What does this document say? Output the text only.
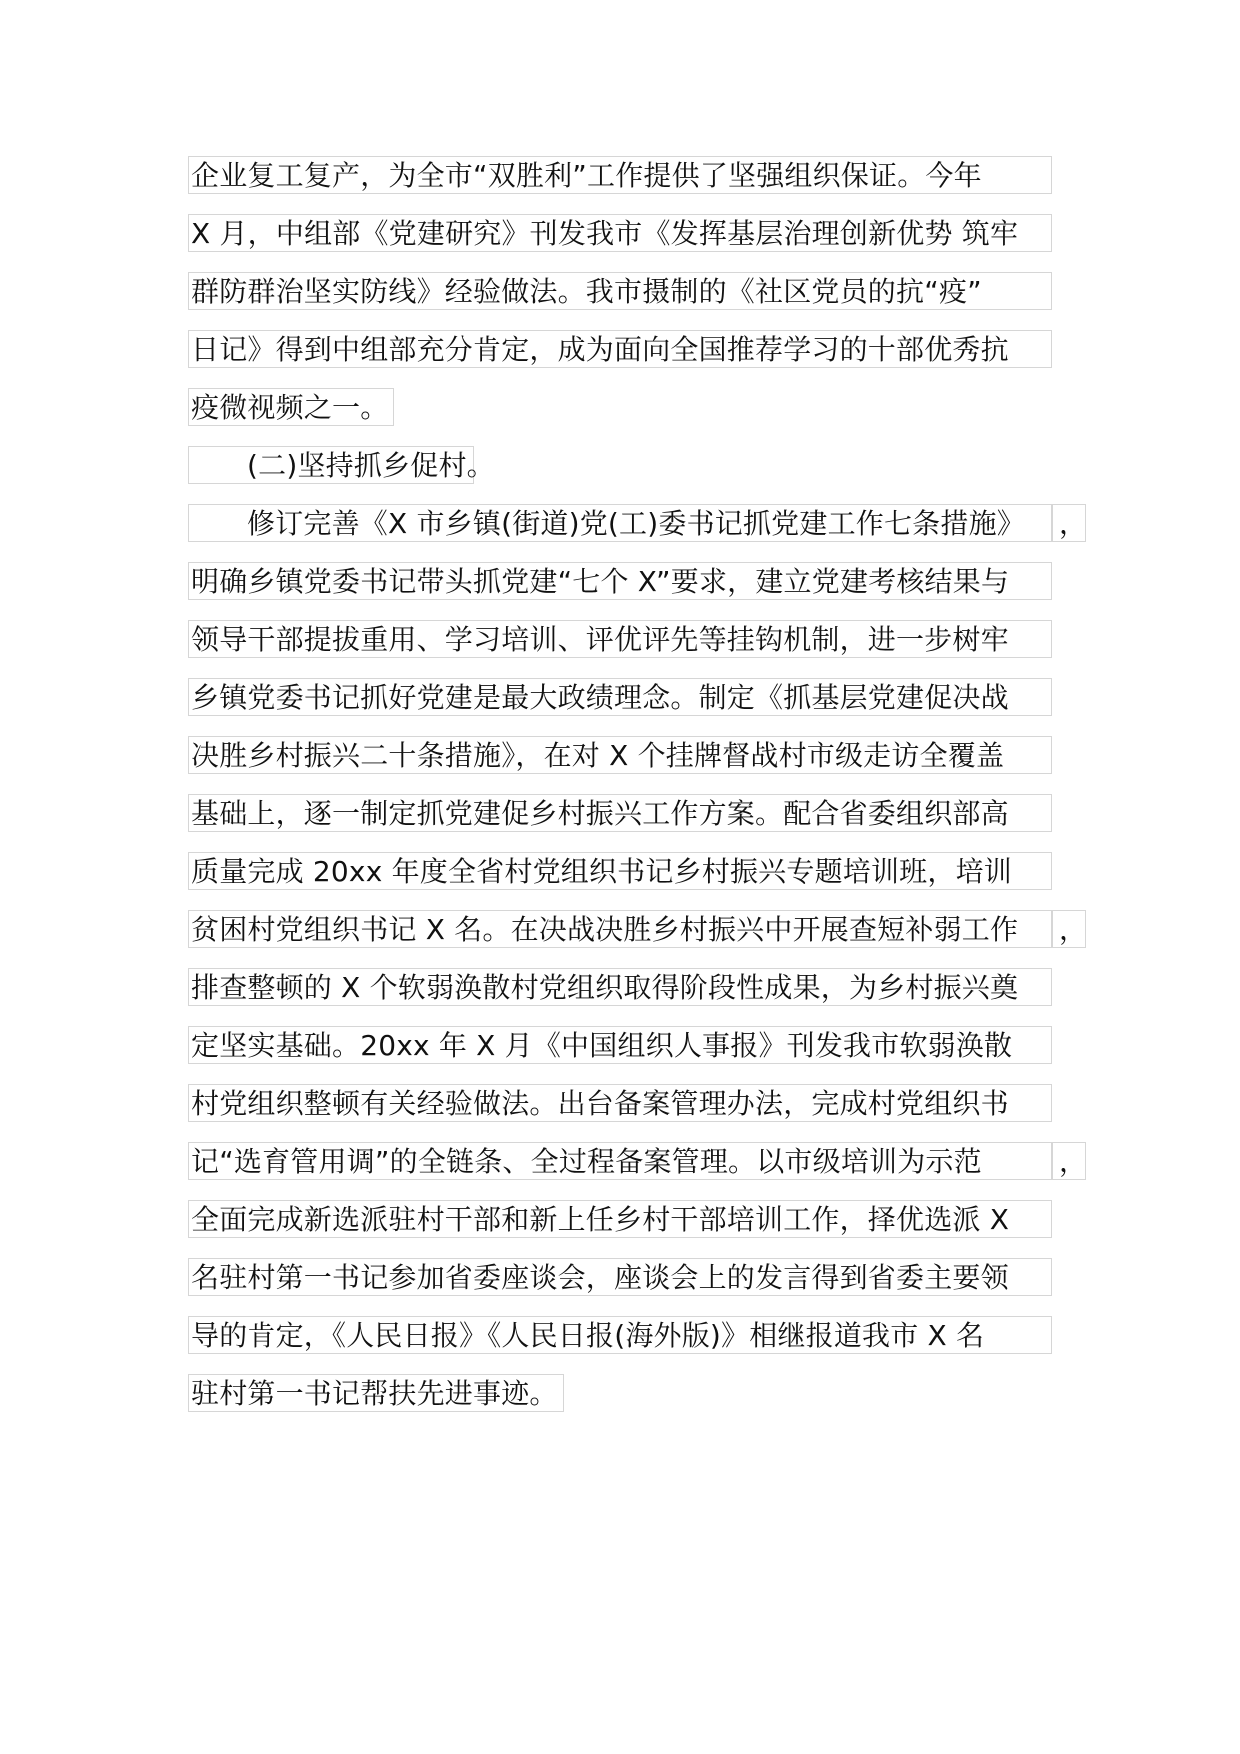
企业复工复产，为全市“双胜利”工作提供了坚强组织保证。今年
X 月，中组部《党建研究》刊发我市《发挥基层治理创新优势 筑牢
群防群治坚实防线》经验做法。我市摄制的《社区党员的抗“疫”
日记》得到中组部充分肯定，成为面向全国推荐学习的十部优秀抗
疫微视频之一。
(二)坚持抓乡促村。
修订完善《X 市乡镇(街道)党(工)委书记抓党建工作七条措施》	，
明确乡镇党委书记带头抓党建“七个 X”要求，建立党建考核结果与
领导干部提拔重用、学习培训、评优评先等挂钩机制，进一步树牢
乡镇党委书记抓好党建是最大政绩理念。制定《抓基层党建促决战
决胜乡村振兴二十条措施》，在对 X 个挂牌督战村市级走访全覆盖
基础上，逐一制定抓党建促乡村振兴工作方案。配合省委组织部高
质量完成 20xx 年度全省村党组织书记乡村振兴专题培训班，培训
贫困村党组织书记 X 名。在决战决胜乡村振兴中开展查短补弱工作	，
排查整顿的 X 个软弱涣散村党组织取得阶段性成果，为乡村振兴奠
定坚实基础。20xx 年 X 月《中国组织人事报》刊发我市软弱涣散
村党组织整顿有关经验做法。出台备案管理办法，完成村党组织书
记“选育管用调”的全链条、全过程备案管理。以市级培训为示范	，
全面完成新选派驻村干部和新上任乡村干部培训工作，择优选派 X
名驻村第一书记参加省委座谈会，座谈会上的发言得到省委主要领
导的肯定，《人民日报》《人民日报(海外版)》相继报道我市 X 名
驻村第一书记帮扶先进事迹。
